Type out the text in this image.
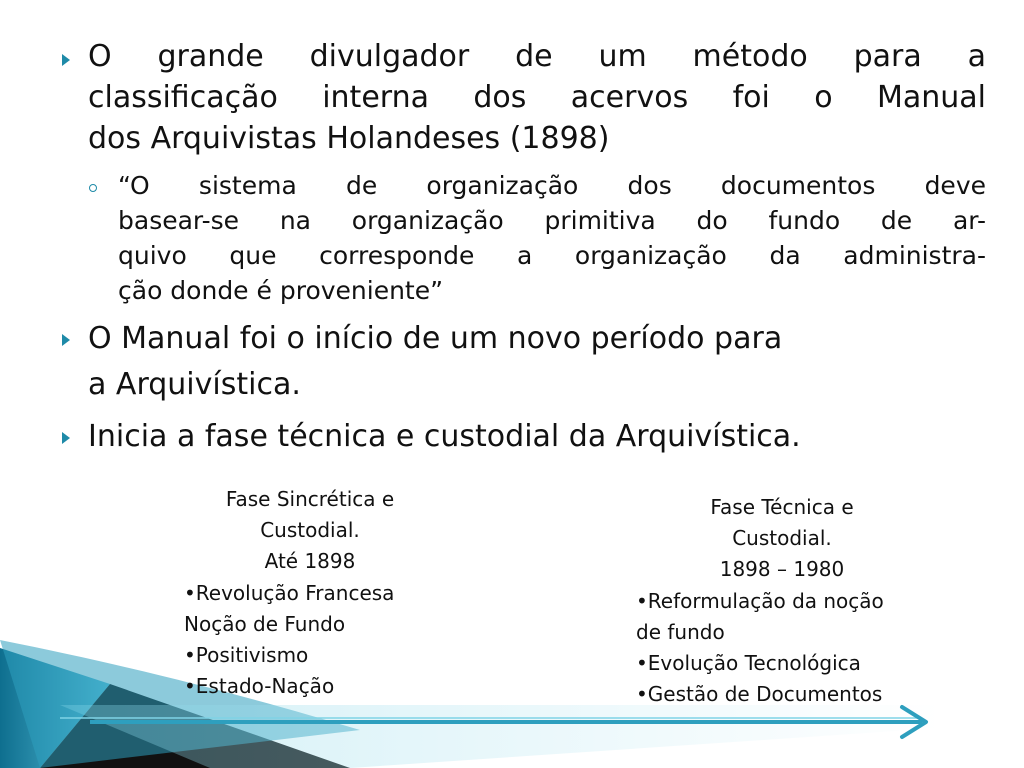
O grande divulgador de um método para a
classificação interna dos acervos foi o Manual
dos Arquivistas Holandeses (1898)
“O sistema de organização dos documentos deve
basear-se na organização primitiva do fundo de ar-
quivo que corresponde a organização da administra-
ção donde é proveniente”
O Manual foi o início de um novo período para
a Arquivística.
Inicia a fase técnica e custodial da Arquivística.
Fase Sincrética e
Custodial.
Até 1898
•Revolução Francesa
Noção de Fundo
•Positivismo
•Estado-Nação
Fase Técnica e
Custodial.
1898 – 1980
•Reformulação da noção
de fundo
•Evolução Tecnológica
•Gestão de Documentos
